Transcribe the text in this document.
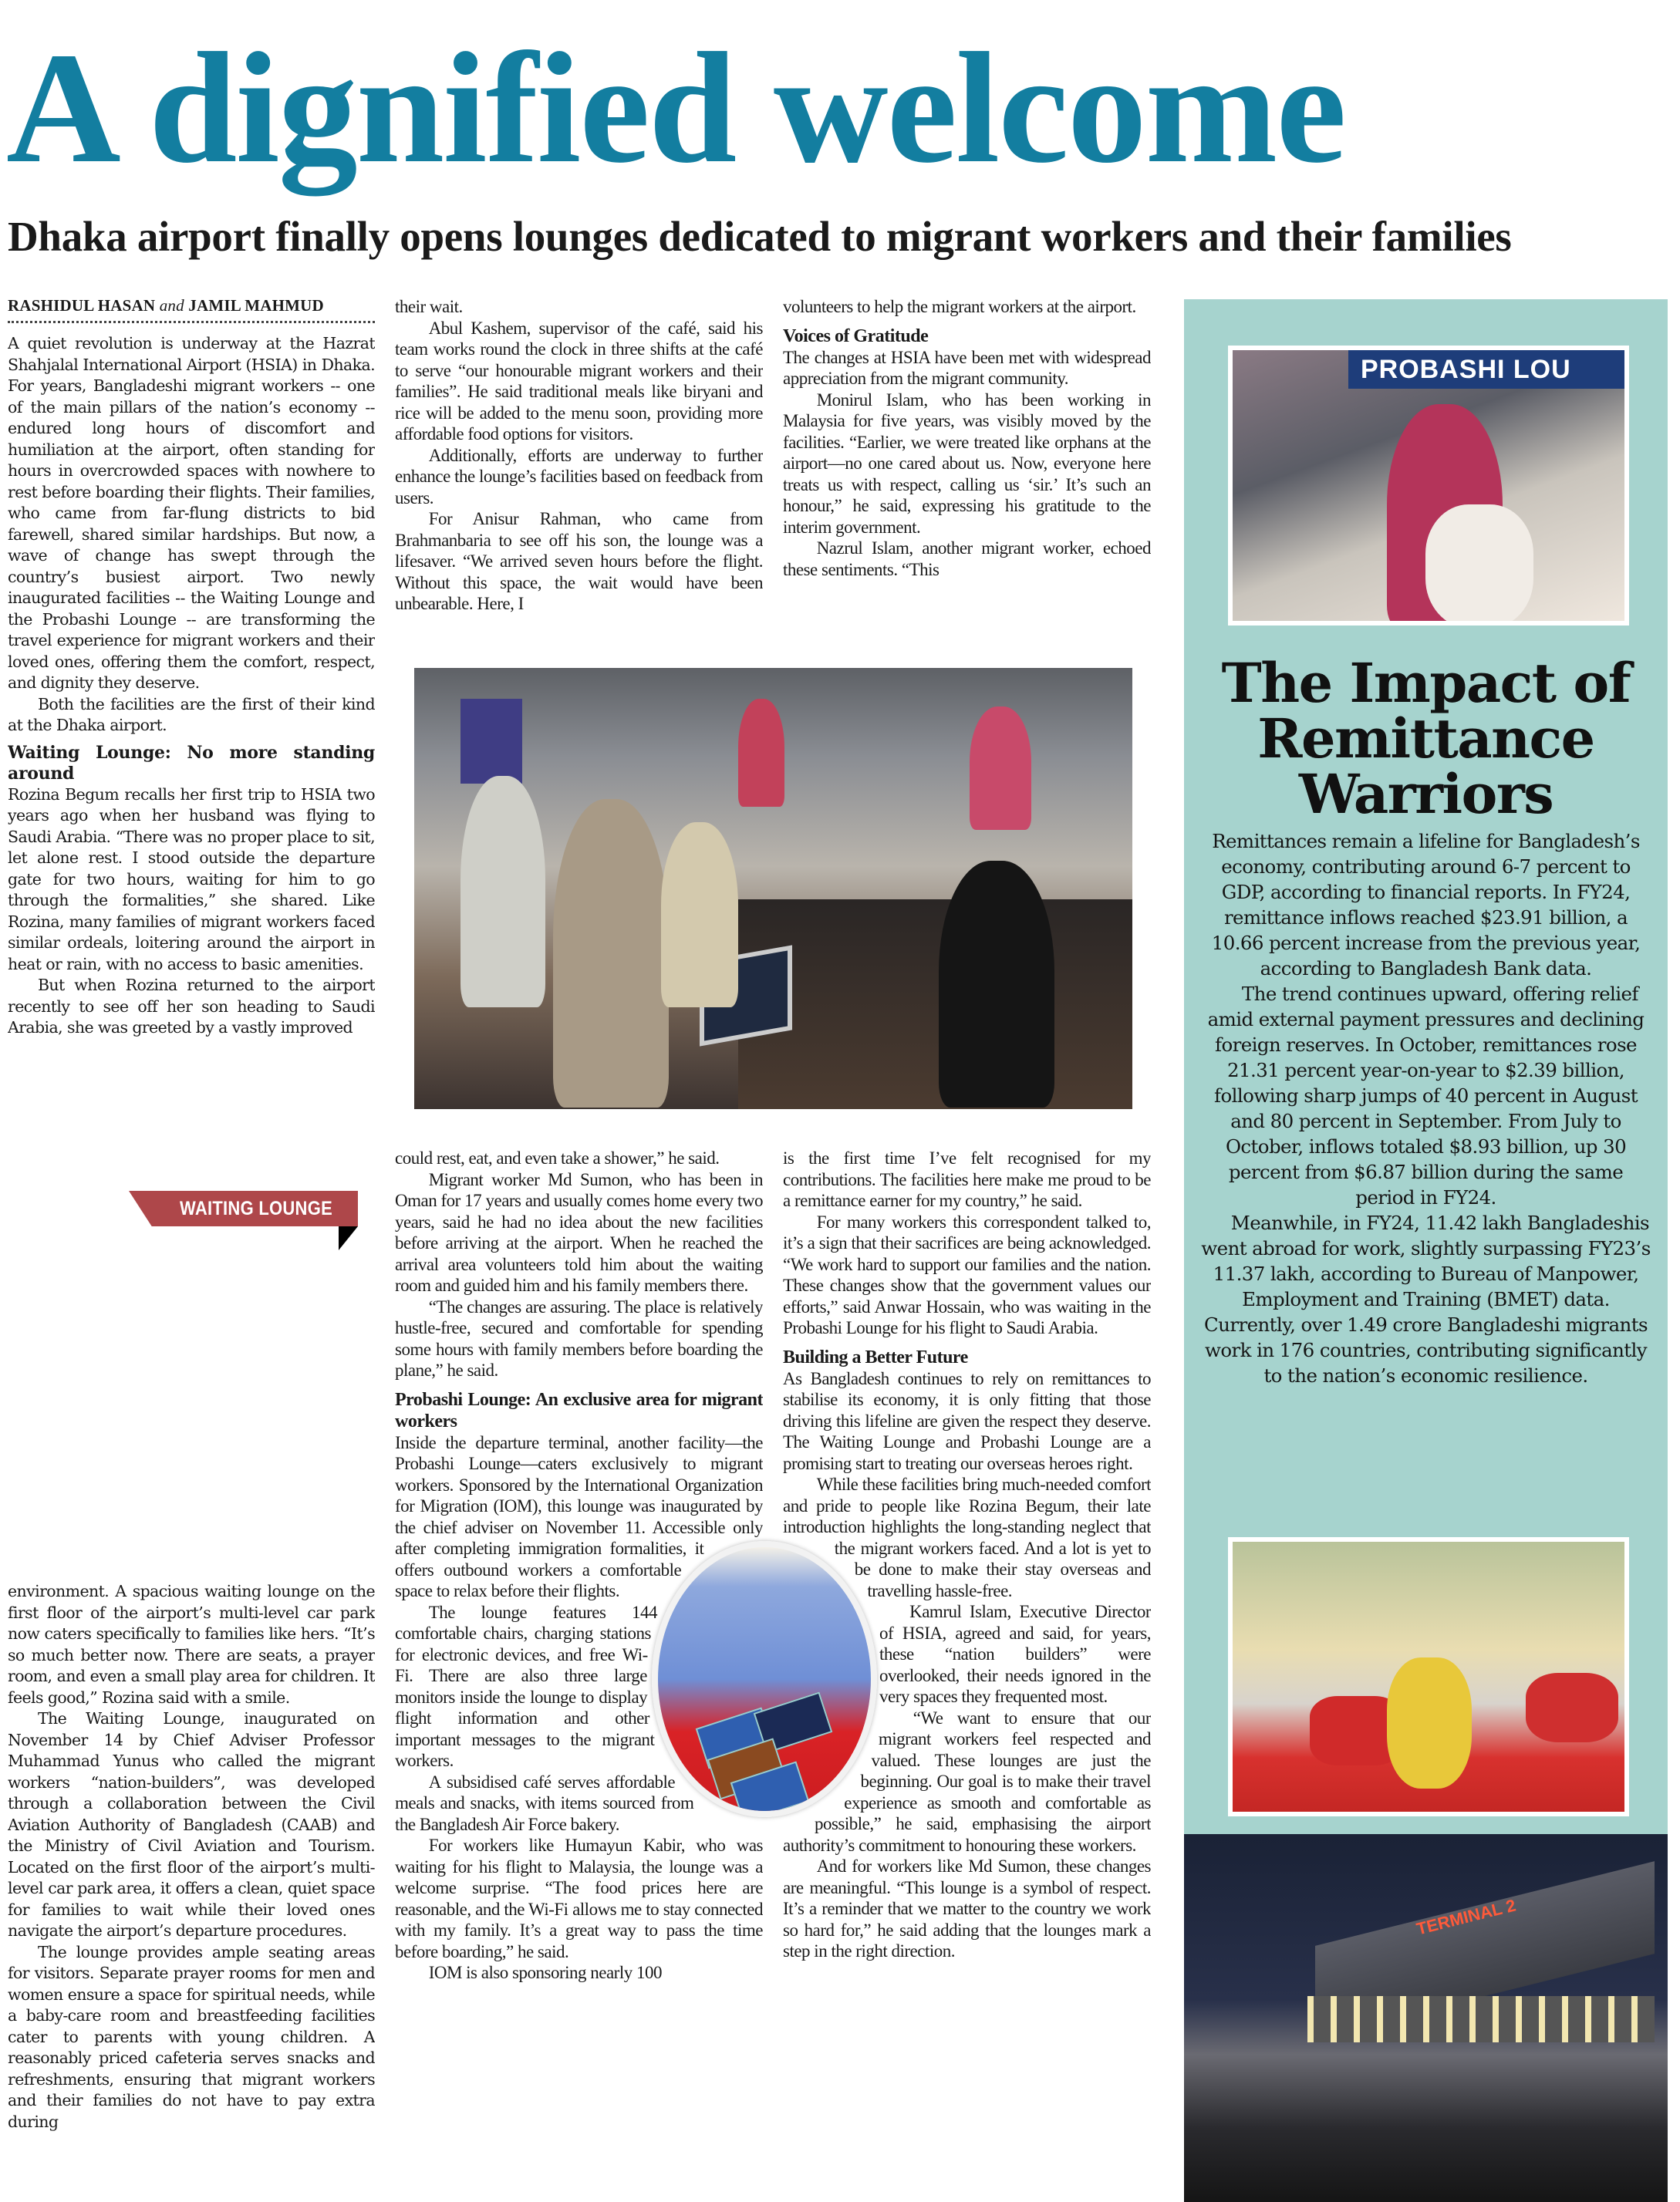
A dignified welcome
Dhaka airport finally opens lounges dedicated to migrant workers and their families
RASHIDUL HASAN and JAMIL MAHMUD

A quiet revolution is underway at the Hazrat Shahjalal International Airport (HSIA) in Dhaka. For years, Bangladeshi migrant workers -- one of the main pillars of the nation’s economy -- endured long hours of discomfort and humiliation at the airport, often standing for hours in overcrowded spaces with nowhere to rest before boarding their flights. Their families, who came from far-flung districts to bid farewell, shared similar hardships. But now, a wave of change has swept through the country’s busiest airport. Two newly inaugurated facilities -- the Waiting Lounge and the Probashi Lounge -- are transforming the travel experience for migrant workers and their loved ones, offering them the comfort, respect, and dignity they deserve.

Both the facilities are the first of their kind at the Dhaka airport.

Waiting Lounge: No more standing around

Rozina Begum recalls her first trip to HSIA two years ago when her husband was flying to Saudi Arabia. “There was no proper place to sit, let alone rest. I stood outside the departure gate for two hours, waiting for him to go through the formalities,” she shared. Like Rozina, many families of migrant workers faced similar ordeals, loitering around the airport in heat or rain, with no access to basic amenities.

But when Rozina returned to the airport recently to see off her son heading to Saudi Arabia, she was greeted by a vastly improved

their wait.

Abul Kashem, supervisor of the café, said his team works round the clock in three shifts at the café to serve “our honourable migrant workers and their families”. He said traditional meals like biryani and rice will be added to the menu soon, providing more affordable food options for visitors.

Additionally, efforts are underway to further enhance the lounge’s facilities based on feedback from users.

For Anisur Rahman, who came from Brahmanbaria to see off his son, the lounge was a lifesaver. “We arrived seven hours before the flight. Without this space, the wait would have been unbearable. Here, I

volunteers to help the migrant workers at the airport.

Voices of Gratitude

The changes at HSIA have been met with widespread appreciation from the migrant community.

Monirul Islam, who has been working in Malaysia for five years, was visibly moved by the facilities. “Earlier, we were treated like orphans at the airport—no one cared about us. Now, everyone here treats us with respect, calling us ‘sir.’ It’s such an honour,” he said, expressing his gratitude to the interim government.

Nazrul Islam, another migrant worker, echoed these sentiments. “This

WAITING LOUNGE

environment. A spacious waiting lounge on the first floor of the airport’s multi-level car park now caters specifically to families like hers. “It’s so much better now. There are seats, a prayer room, and even a small play area for children. It feels good,” Rozina said with a smile.

The Waiting Lounge, inaugurated on November 14 by Chief Adviser Professor Muhammad Yunus who called the migrant workers “nation-builders”, was developed through a collaboration between the Civil Aviation Authority of Bangladesh (CAAB) and the Ministry of Civil Aviation and Tourism. Located on the first floor of the airport’s multi-level car park area, it offers a clean, quiet space for families to wait while their loved ones navigate the airport’s departure procedures.

The lounge provides ample seating areas for visitors. Separate prayer rooms for men and women ensure a space for spiritual needs, while a baby-care room and breastfeeding facilities cater to parents with young children. A reasonably priced cafeteria serves snacks and refreshments, ensuring that migrant workers and their families do not have to pay extra during

could rest, eat, and even take a shower,” he said.

Migrant worker Md Sumon, who has been in Oman for 17 years and usually comes home every two years, said he had no idea about the new facilities before arriving at the airport. When he reached the arrival area volunteers told him about the waiting room and guided him and his family members there.

“The changes are assuring. The place is relatively hustle-free, secured and comfortable for spending some hours with family members before boarding the plane,” he said.

Probashi Lounge: An exclusive area for migrant workers

Inside the departure terminal, another facility—the Probashi Lounge—caters exclusively to migrant workers. Sponsored by the International Organization for Migration (IOM), this lounge was inaugurated by the chief adviser on November 11. Accessible only after completing immigration formalities, it offers outbound workers a comfortable space to relax before their flights.

The lounge features 144 comfortable chairs, charging stations for electronic devices, and free Wi-Fi. There are also three large monitors inside the lounge to display flight information and other important messages to the migrant workers.

A subsidised café serves affordable meals and snacks, with items sourced from the Bangladesh Air Force bakery.

For workers like Humayun Kabir, who was waiting for his flight to Malaysia, the lounge was a welcome surprise. “The food prices here are reasonable, and the Wi-Fi allows me to stay connected with my family. It’s a great way to pass the time before boarding,” he said.

IOM is also sponsoring nearly 100

is the first time I’ve felt recognised for my contributions. The facilities here make me proud to be a remittance earner for my country,” he said.

For many workers this correspondent talked to, it’s a sign that their sacrifices are being acknowledged. “We work hard to support our families and the nation. These changes show that the government values our efforts,” said Anwar Hossain, who was waiting in the Probashi Lounge for his flight to Saudi Arabia.

Building a Better Future

As Bangladesh continues to rely on remittances to stabilise its economy, it is only fitting that those driving this lifeline are given the respect they deserve. The Waiting Lounge and Probashi Lounge are a promising start to treating our overseas heroes right.

While these facilities bring much-needed comfort and pride to people like Rozina Begum, their late introduction highlights the long-standing neglect that the migrant workers faced. And a lot is yet to be done to make their stay overseas and travelling hassle-free.

Kamrul Islam, Executive Director of HSIA, agreed and said, for years, these “nation builders” were overlooked, their needs ignored in the very spaces they frequented most.

“We want to ensure that our migrant workers feel respected and valued. These lounges are just the beginning. Our goal is to make their travel experience as smooth and comfortable as possible,” he said, emphasising the airport authority’s commitment to honouring these workers.

And for workers like Md Sumon, these changes are meaningful. “This lounge is a symbol of respect. It’s a reminder that we matter to the country we work so hard for,” he said adding that the lounges mark a step in the right direction.

PROBASHI LOU
The Impact of Remittance Warriors

Remittances remain a lifeline for Bangladesh’s economy, contributing around 6-7 percent to GDP, according to financial reports. In FY24, remittance inflows reached $23.91 billion, a 10.66 percent increase from the previous year, according to Bangladesh Bank data.

The trend continues upward, offering relief amid external payment pressures and declining foreign reserves. In October, remittances rose 21.31 percent year-on-year to $2.39 billion, following sharp jumps of 40 percent in August and 80 percent in September. From July to October, inflows totaled $8.93 billion, up 30 percent from $6.87 billion during the same period in FY24.

Meanwhile, in FY24, 11.42 lakh Bangladeshis went abroad for work, slightly surpassing FY23’s 11.37 lakh, according to Bureau of Manpower, Employment and Training (BMET) data. Currently, over 1.49 crore Bangladeshi migrants work in 176 countries, contributing significantly to the nation’s economic resilience.

TERMINAL 2
